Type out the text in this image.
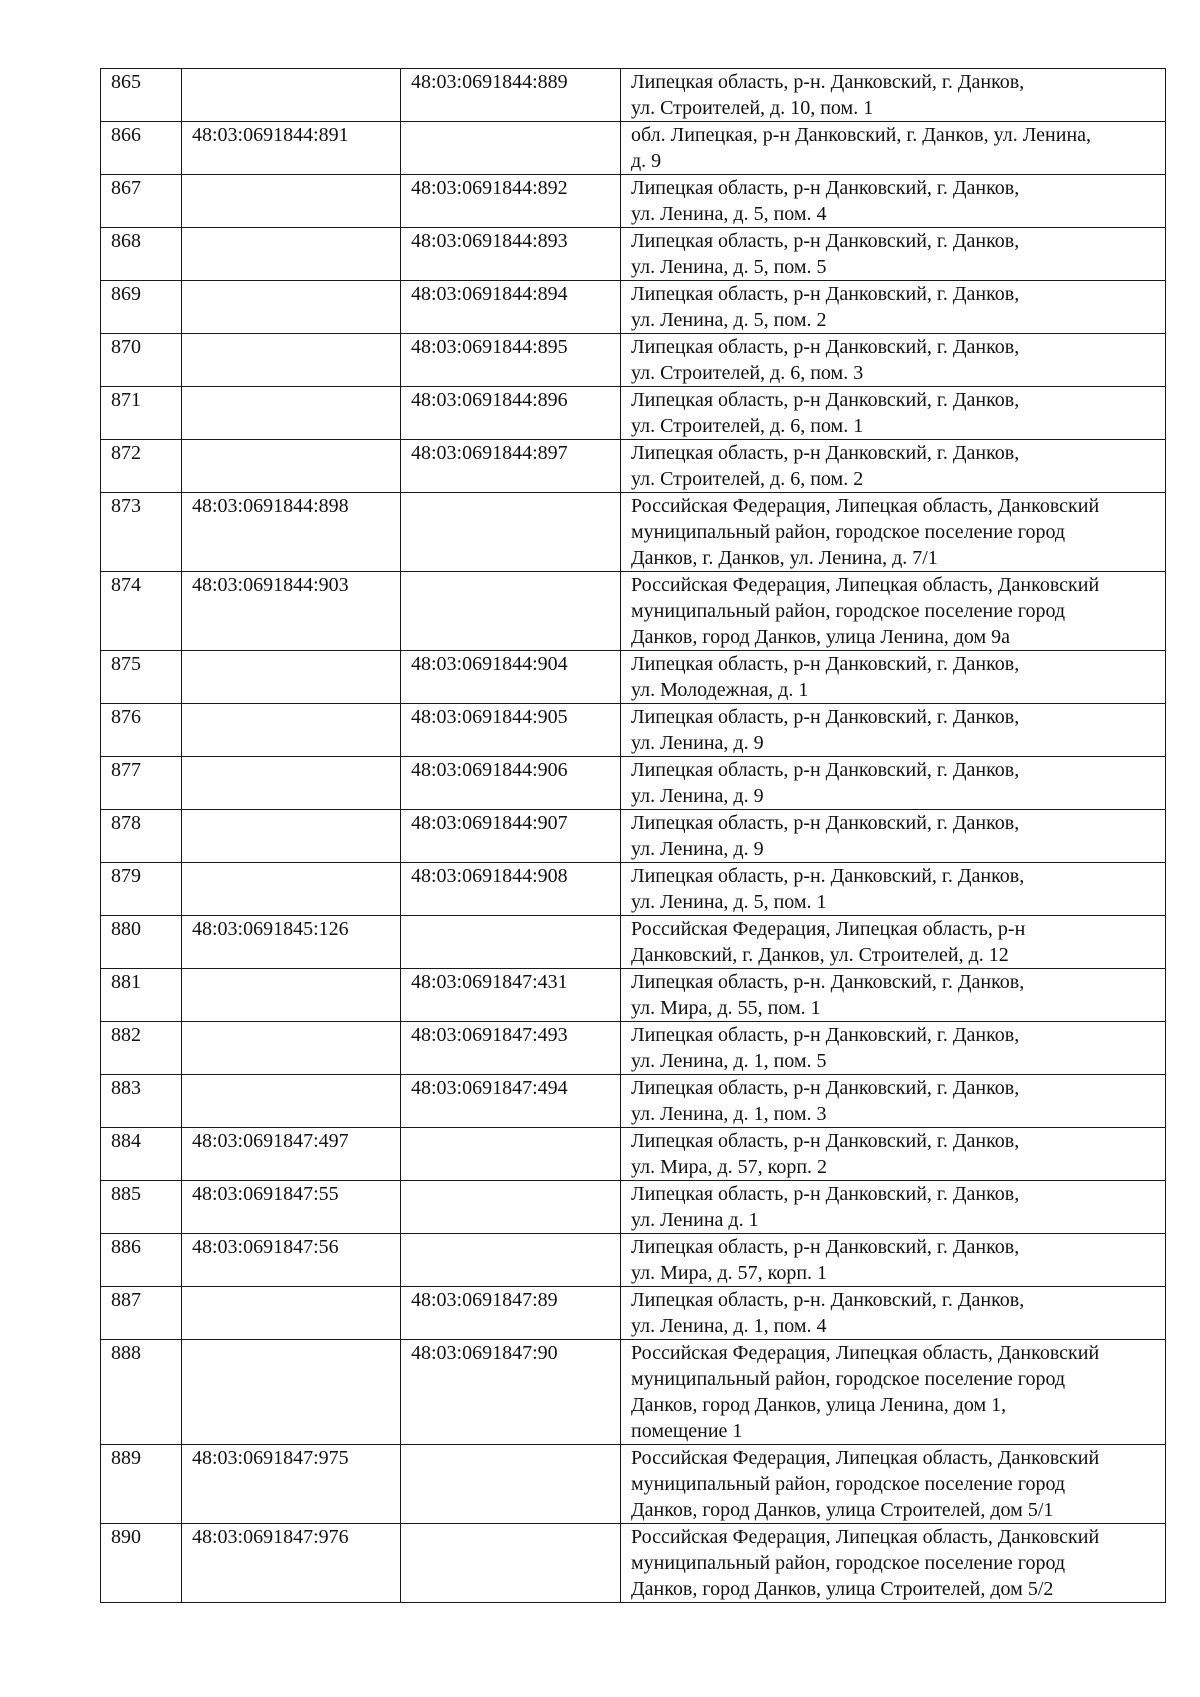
865		48:03:0691844:889	Липецкая область, р-н. Данковский, г. Данков,
ул. Строителей, д. 10, пом. 1
866	48:03:0691844:891		обл. Липецкая, р-н Данковский, г. Данков, ул. Ленина,
д. 9
867		48:03:0691844:892	Липецкая область, р-н Данковский, г. Данков,
ул. Ленина, д. 5, пом. 4
868		48:03:0691844:893	Липецкая область, р-н Данковский, г. Данков,
ул. Ленина, д. 5, пом. 5
869		48:03:0691844:894	Липецкая область, р-н Данковский, г. Данков,
ул. Ленина, д. 5, пом. 2
870		48:03:0691844:895	Липецкая область, р-н Данковский, г. Данков,
ул. Строителей, д. 6, пом. 3
871		48:03:0691844:896	Липецкая область, р-н Данковский, г. Данков,
ул. Строителей, д. 6, пом. 1
872		48:03:0691844:897	Липецкая область, р-н Данковский, г. Данков,
ул. Строителей, д. 6, пом. 2
873	48:03:0691844:898		Российская Федерация, Липецкая область, Данковский
муниципальный район, городское поселение город
Данков, г. Данков, ул. Ленина, д. 7/1
874	48:03:0691844:903		Российская Федерация, Липецкая область, Данковский
муниципальный район, городское поселение город
Данков, город Данков, улица Ленина, дом 9а
875		48:03:0691844:904	Липецкая область, р-н Данковский, г. Данков,
ул. Молодежная, д. 1
876		48:03:0691844:905	Липецкая область, р-н Данковский, г. Данков,
ул. Ленина, д. 9
877		48:03:0691844:906	Липецкая область, р-н Данковский, г. Данков,
ул. Ленина, д. 9
878		48:03:0691844:907	Липецкая область, р-н Данковский, г. Данков,
ул. Ленина, д. 9
879		48:03:0691844:908	Липецкая область, р-н. Данковский, г. Данков,
ул. Ленина, д. 5, пом. 1
880	48:03:0691845:126		Российская Федерация, Липецкая область, р-н
Данковский, г. Данков, ул. Строителей, д. 12
881		48:03:0691847:431	Липецкая область, р-н. Данковский, г. Данков,
ул. Мира, д. 55, пом. 1
882		48:03:0691847:493	Липецкая область, р-н Данковский, г. Данков,
ул. Ленина, д. 1, пом. 5
883		48:03:0691847:494	Липецкая область, р-н Данковский, г. Данков,
ул. Ленина, д. 1, пом. 3
884	48:03:0691847:497		Липецкая область, р-н Данковский, г. Данков,
ул. Мира, д. 57, корп. 2
885	48:03:0691847:55		Липецкая область, р-н Данковский, г. Данков,
ул. Ленина д. 1
886	48:03:0691847:56		Липецкая область, р-н Данковский, г. Данков,
ул. Мира, д. 57, корп. 1
887		48:03:0691847:89	Липецкая область, р-н. Данковский, г. Данков,
ул. Ленина, д. 1, пом. 4
888		48:03:0691847:90	Российская Федерация, Липецкая область, Данковский
муниципальный район, городское поселение город
Данков, город Данков, улица Ленина, дом 1,
помещение 1
889	48:03:0691847:975		Российская Федерация, Липецкая область, Данковский
муниципальный район, городское поселение город
Данков, город Данков, улица Строителей, дом 5/1
890	48:03:0691847:976		Российская Федерация, Липецкая область, Данковский
муниципальный район, городское поселение город
Данков, город Данков, улица Строителей, дом 5/2
